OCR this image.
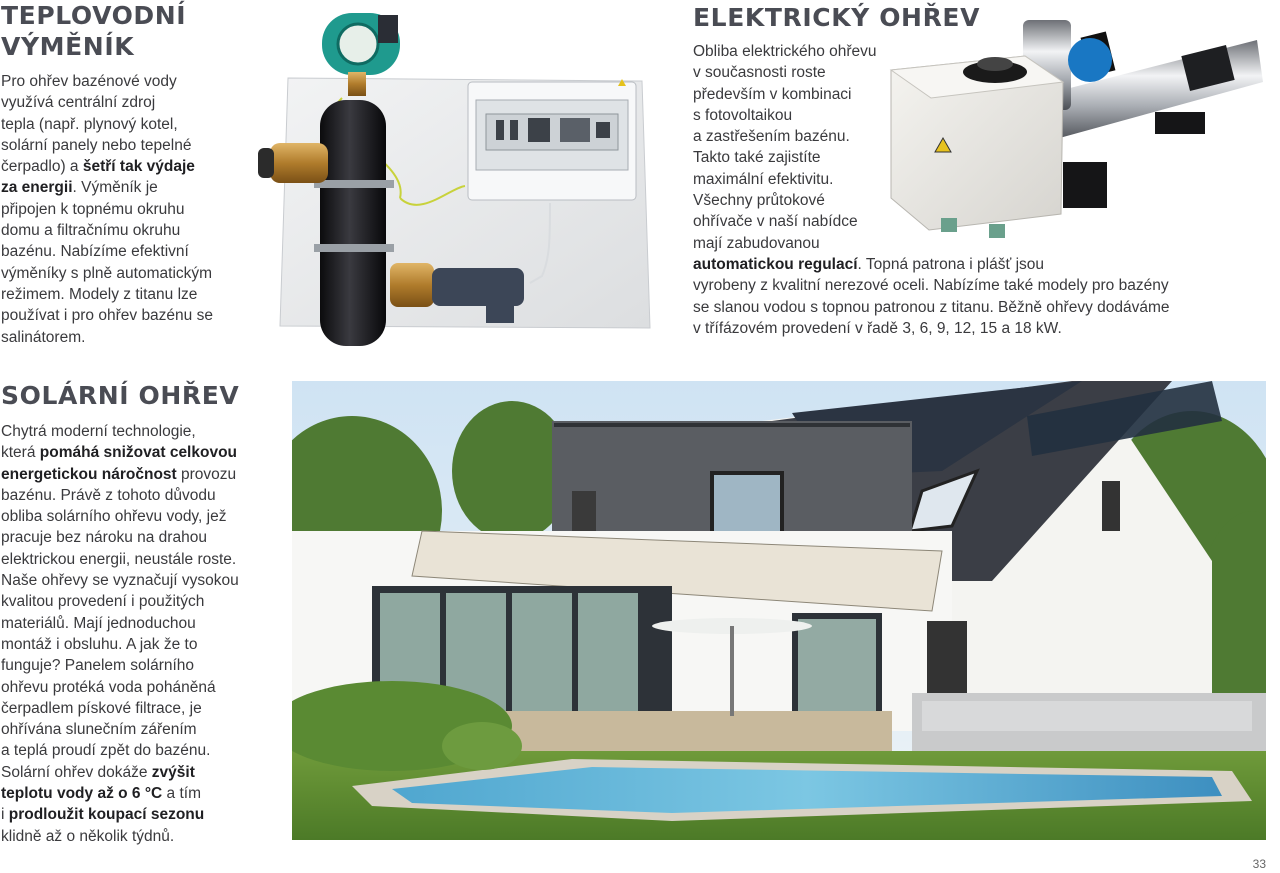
TEPLOVODNÍ
VÝMĚNÍK

Pro ohřev bazénové vody
využívá centrální zdroj
tepla (např. plynový kotel,
solární panely nebo tepelné
čerpadlo) a šetří tak výdaje
za energii. Výměník je
připojen k topnému okruhu
domu a filtračnímu okruhu
bazénu. Nabízíme efektivní
výměníky s plně automatickým
režimem. Modely z titanu lze
používat i pro ohřev bazénu se
salinátorem.

ELEKTRICKÝ OHŘEV

Obliba elektrického ohřevu
v současnosti roste
především v kombinaci
s fotovoltaikou
a zastřešením bazénu.
Takto také zajistíte
maximální efektivitu.
Všechny průtokové
ohřívače v naší nabídce
mají zabudovanou
automatickou regulací. Topná patrona i plášť jsou
vyrobeny z kvalitní nerezové oceli. Nabízíme také modely pro bazény
se slanou vodou s topnou patronou z titanu. Běžně ohřevy dodáváme
v třífázovém provedení v řadě 3, 6, 9, 12, 15 a 18 kW.

SOLÁRNÍ OHŘEV

Chytrá moderní technologie,
která pomáhá snižovat celkovou
energetickou náročnost provozu
bazénu. Právě z tohoto důvodu
obliba solárního ohřevu vody, jež
pracuje bez nároku na drahou
elektrickou energii, neustále roste.
Naše ohřevy se vyznačují vysokou
kvalitou provedení i použitých
materiálů. Mají jednoduchou
montáž i obsluhu. A jak že to
funguje? Panelem solárního
ohřevu protéká voda poháněná
čerpadlem pískové filtrace, je
ohřívána slunečním zářením
a teplá proudí zpět do bazénu.
Solární ohřev dokáže zvýšit
teplotu vody až o 6 °C a tím
i prodloužit koupací sezonu
klidně až o několik týdnů.

33
